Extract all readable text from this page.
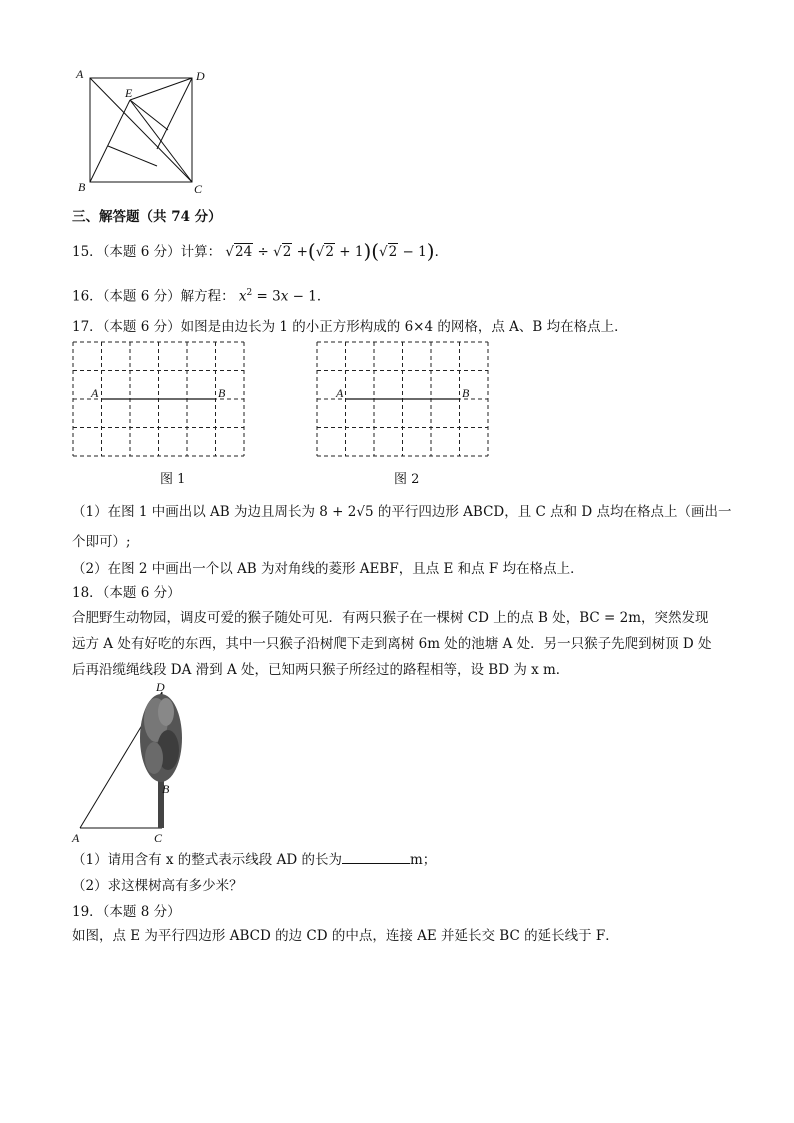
A	D
E
B	C
三、解答题（共 74 分）
15．（本题 6 分）计算： √24 ÷ √2 +(√2 + 1)(√2 − 1)．
16．（本题 6 分）解方程： $x^2 = 3x - 1$．
17．（本题 6 分）如图是由边长为 1 的小正方形构成的 6×4 的网格，点 A、B 均在格点上．
A	B
图 1
A	B
图 2
（1）在图 1 中画出以 AB 为边且周长为 8 + 2√5 的平行四边形 ABCD，且 C 点和 D 点均在格点上（画出一
个即可）;
（2）在图 2 中画出一个以 AB 为对角线的菱形 AEBF，且点 E 和点 F 均在格点上．
18．（本题 6 分）
合肥野生动物园，调皮可爱的猴子随处可见．有两只猴子在一棵树 CD 上的点 B 处，BC = 2m，突然发现
远方 A 处有好吃的东西，其中一只猴子沿树爬下走到离树 6m 处的池塘 A 处．另一只猴子先爬到树顶 D 处
后再沿缆绳线段 DA 滑到 A 处，已知两只猴子所经过的路程相等，设 BD 为 x m．
D
B
A	C
（1）请用含有 x 的整式表示线段 AD 的长为	m；
（2）求这棵树高有多少米？
19．（本题 8 分）
如图，点 E 为平行四边形 ABCD 的边 CD 的中点，连接 AE 并延长交 BC 的延长线于 F．
